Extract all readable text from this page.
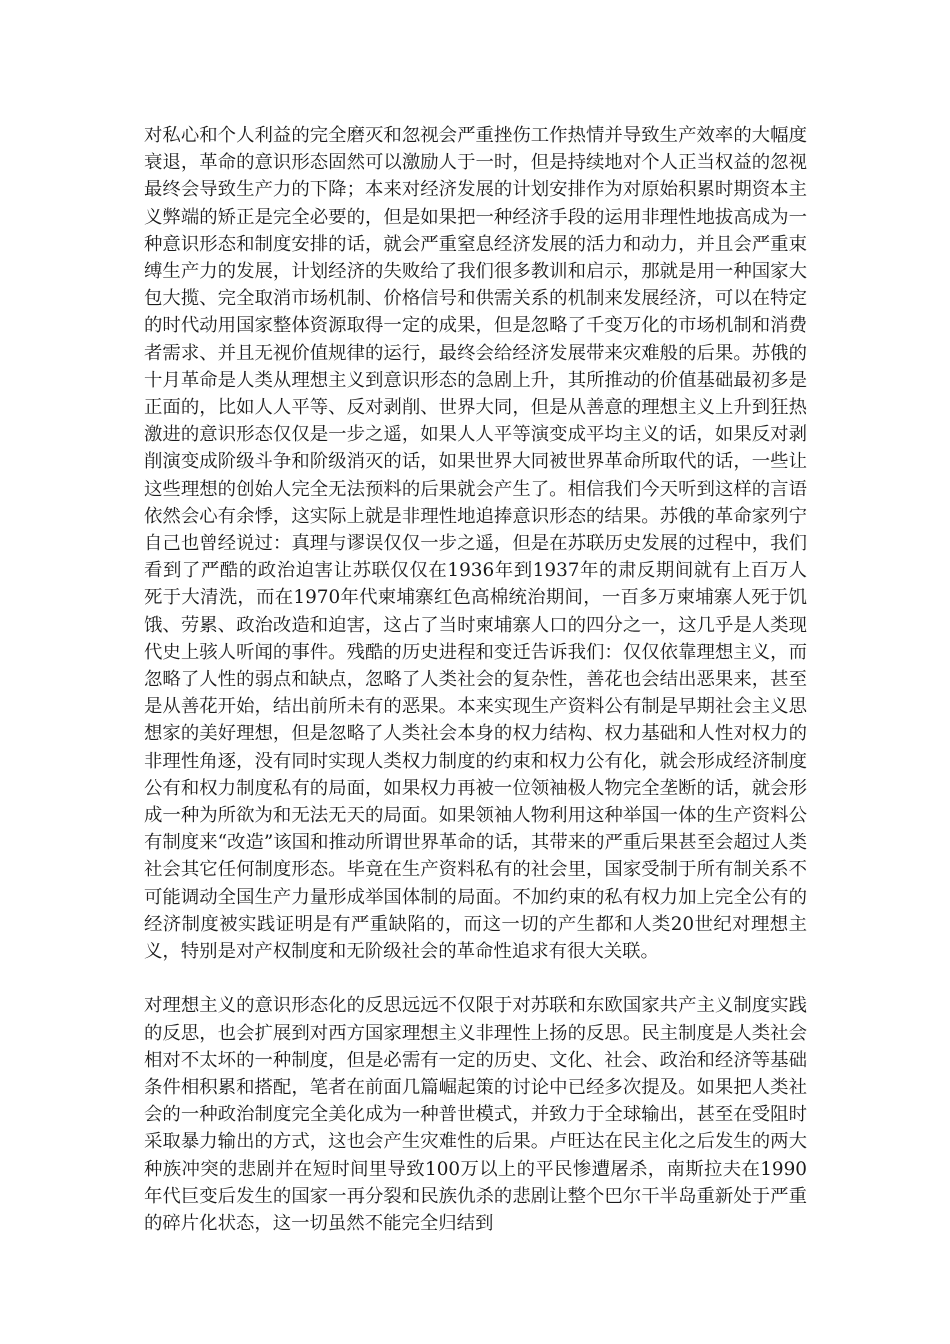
对私心和个人利益的完全磨灭和忽视会严重挫伤工作热情并导致生产效率的大幅度衰退，革命的意识形态固然可以激励人于一时，但是持续地对个人正当权益的忽视最终会导致生产力的下降；本来对经济发展的计划安排作为对原始积累时期资本主义弊端的矫正是完全必要的，但是如果把一种经济手段的运用非理性地拔高成为一种意识形态和制度安排的话，就会严重窒息经济发展的活力和动力，并且会严重束缚生产力的发展，计划经济的失败给了我们很多教训和启示，那就是用一种国家大包大揽、完全取消市场机制、价格信号和供需关系的机制来发展经济，可以在特定的时代动用国家整体资源取得一定的成果，但是忽略了千变万化的市场机制和消费者需求、并且无视价值规律的运行，最终会给经济发展带来灾难般的后果。苏俄的十月革命是人类从理想主义到意识形态的急剧上升，其所推动的价值基础最初多是正面的，比如人人平等、反对剥削、世界大同，但是从善意的理想主义上升到狂热激进的意识形态仅仅是一步之遥，如果人人平等演变成平均主义的话，如果反对剥削演变成阶级斗争和阶级消灭的话，如果世界大同被世界革命所取代的话，一些让这些理想的创始人完全无法预料的后果就会产生了。相信我们今天听到这样的言语依然会心有余悸，这实际上就是非理性地追捧意识形态的结果。苏俄的革命家列宁自己也曾经说过：真理与谬误仅仅一步之遥，但是在苏联历史发展的过程中，我们看到了严酷的政治迫害让苏联仅仅在1936年到1937年的肃反期间就有上百万人死于大清洗，而在1970年代柬埔寨红色高棉统治期间，一百多万柬埔寨人死于饥饿、劳累、政治改造和迫害，这占了当时柬埔寨人口的四分之一，这几乎是人类现代史上骇人听闻的事件。残酷的历史进程和变迁告诉我们：仅仅依靠理想主义，而忽略了人性的弱点和缺点，忽略了人类社会的复杂性，善花也会结出恶果来，甚至是从善花开始，结出前所未有的恶果。本来实现生产资料公有制是早期社会主义思想家的美好理想，但是忽略了人类社会本身的权力结构、权力基础和人性对权力的非理性角逐，没有同时实现人类权力制度的约束和权力公有化，就会形成经济制度公有和权力制度私有的局面，如果权力再被一位领袖极人物完全垄断的话，就会形成一种为所欲为和无法无天的局面。如果领袖人物利用这种举国一体的生产资料公有制度来“改造”该国和推动所谓世界革命的话，其带来的严重后果甚至会超过人类社会其它任何制度形态。毕竟在生产资料私有的社会里，国家受制于所有制关系不可能调动全国生产力量形成举国体制的局面。不加约束的私有权力加上完全公有的经济制度被实践证明是有严重缺陷的，而这一切的产生都和人类20世纪对理想主义，特别是对产权制度和无阶级社会的革命性追求有很大关联。

对理想主义的意识形态化的反思远远不仅限于对苏联和东欧国家共产主义制度实践的反思，也会扩展到对西方国家理想主义非理性上扬的反思。民主制度是人类社会相对不太坏的一种制度，但是必需有一定的历史、文化、社会、政治和经济等基础条件相积累和搭配，笔者在前面几篇崛起策的讨论中已经多次提及。如果把人类社会的一种政治制度完全美化成为一种普世模式，并致力于全球输出，甚至在受阻时采取暴力输出的方式，这也会产生灾难性的后果。卢旺达在民主化之后发生的两大种族冲突的悲剧并在短时间里导致100万以上的平民惨遭屠杀，南斯拉夫在1990年代巨变后发生的国家一再分裂和民族仇杀的悲剧让整个巴尔干半岛重新处于严重的碎片化状态，这一切虽然不能完全归结到
